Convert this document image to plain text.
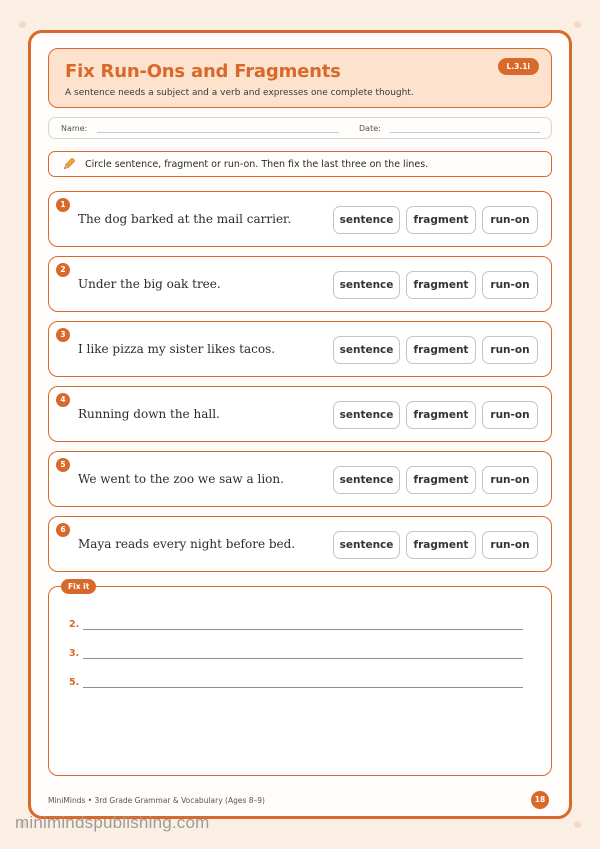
Fix Run-Ons and Fragments
A sentence needs a subject and a verb and expresses one complete thought.
L.3.1i
Name:	Date:
Circle sentence, fragment or run-on. Then fix the last three on the lines.
1
The dog barked at the mail carrier.	sentence	fragment	run-on
2
Under the big oak tree.	sentence	fragment	run-on
3
I like pizza my sister likes tacos.	sentence	fragment	run-on
4
Running down the hall.	sentence	fragment	run-on
5
We went to the zoo we saw a lion.	sentence	fragment	run-on
6
Maya reads every night before bed.	sentence	fragment	run-on
Fix it
2.
3.
5.
MiniMinds • 3rd Grade Grammar & Vocabulary (Ages 8–9)	18
minimindspublishing.com
